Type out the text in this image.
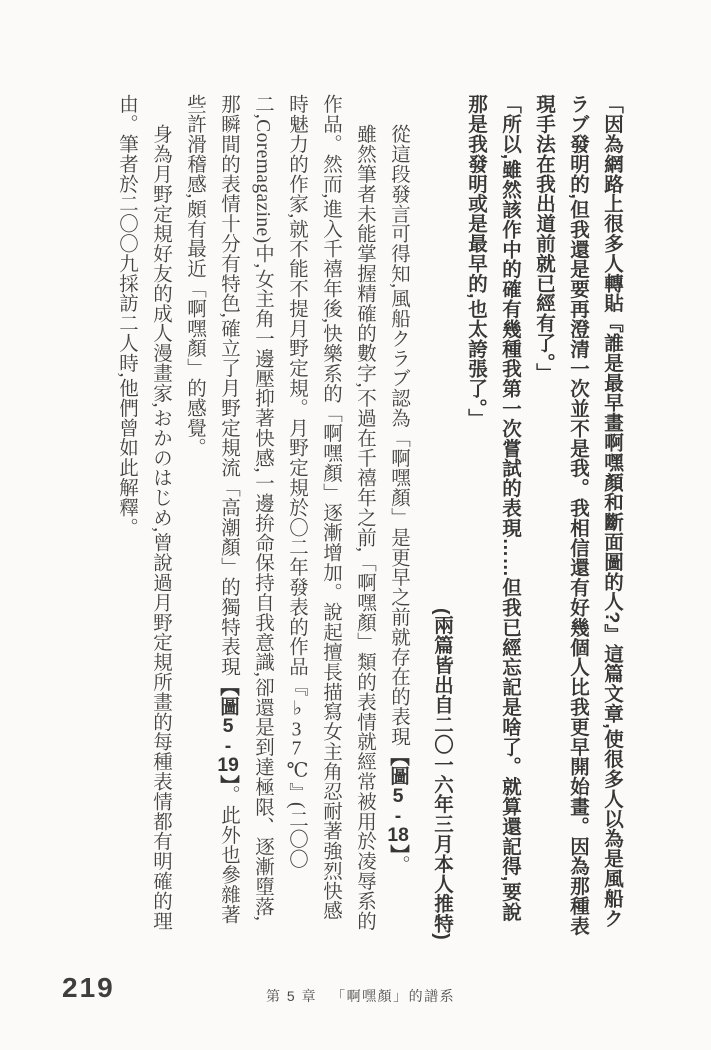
「因為網路上很多人轉貼『誰是最早畫啊嘿顏和斷面圖的人?』這篇文章,使很多人以為是風船クラブ發明的,但我還是要再澄清一次並不是我。我相信還有好幾個人比我更早開始畫。因為那種表現手法在我出道前就已經有了。」

「所以,雖然該作中的確有幾種我第一次嘗試的表現……但我已經忘記是啥了。就算還記得,要說那是我發明或是最早的,也太誇張了。」

(兩篇皆出自二〇一六年三月本人推特)

從這段發言可得知,風船クラブ認為「啊嘿顏」是更早之前就存在的表現【圖5-18】。

雖然筆者未能掌握精確的數字,不過在千禧年之前,「啊嘿顏」類的表情就經常被用於凌辱系的作品。然而,進入千禧年後,快樂系的「啊嘿顏」逐漸增加。說起擅長描寫女主角忍耐著強烈快感時魅力的作家,就不能不提月野定規。月野定規於〇二年發表的作品『♭37℃』(二〇〇二,Coremagazine)中,女主角一邊壓抑著快感,一邊拚命保持自我意識,卻還是到達極限、逐漸墮落,那瞬間的表情十分有特色,確立了月野定規流「高潮顏」的獨特表現【圖5-19】。此外也參雜著些許滑稽感,頗有最近「啊嘿顏」的感覺。

身為月野定規好友的成人漫畫家,おかのはじめ,曾說過月野定規所畫的每種表情都有明確的理由。筆者於二〇〇九採訪二人時,他們曾如此解釋。

219	第 5 章 「啊嘿顏」的譜系
